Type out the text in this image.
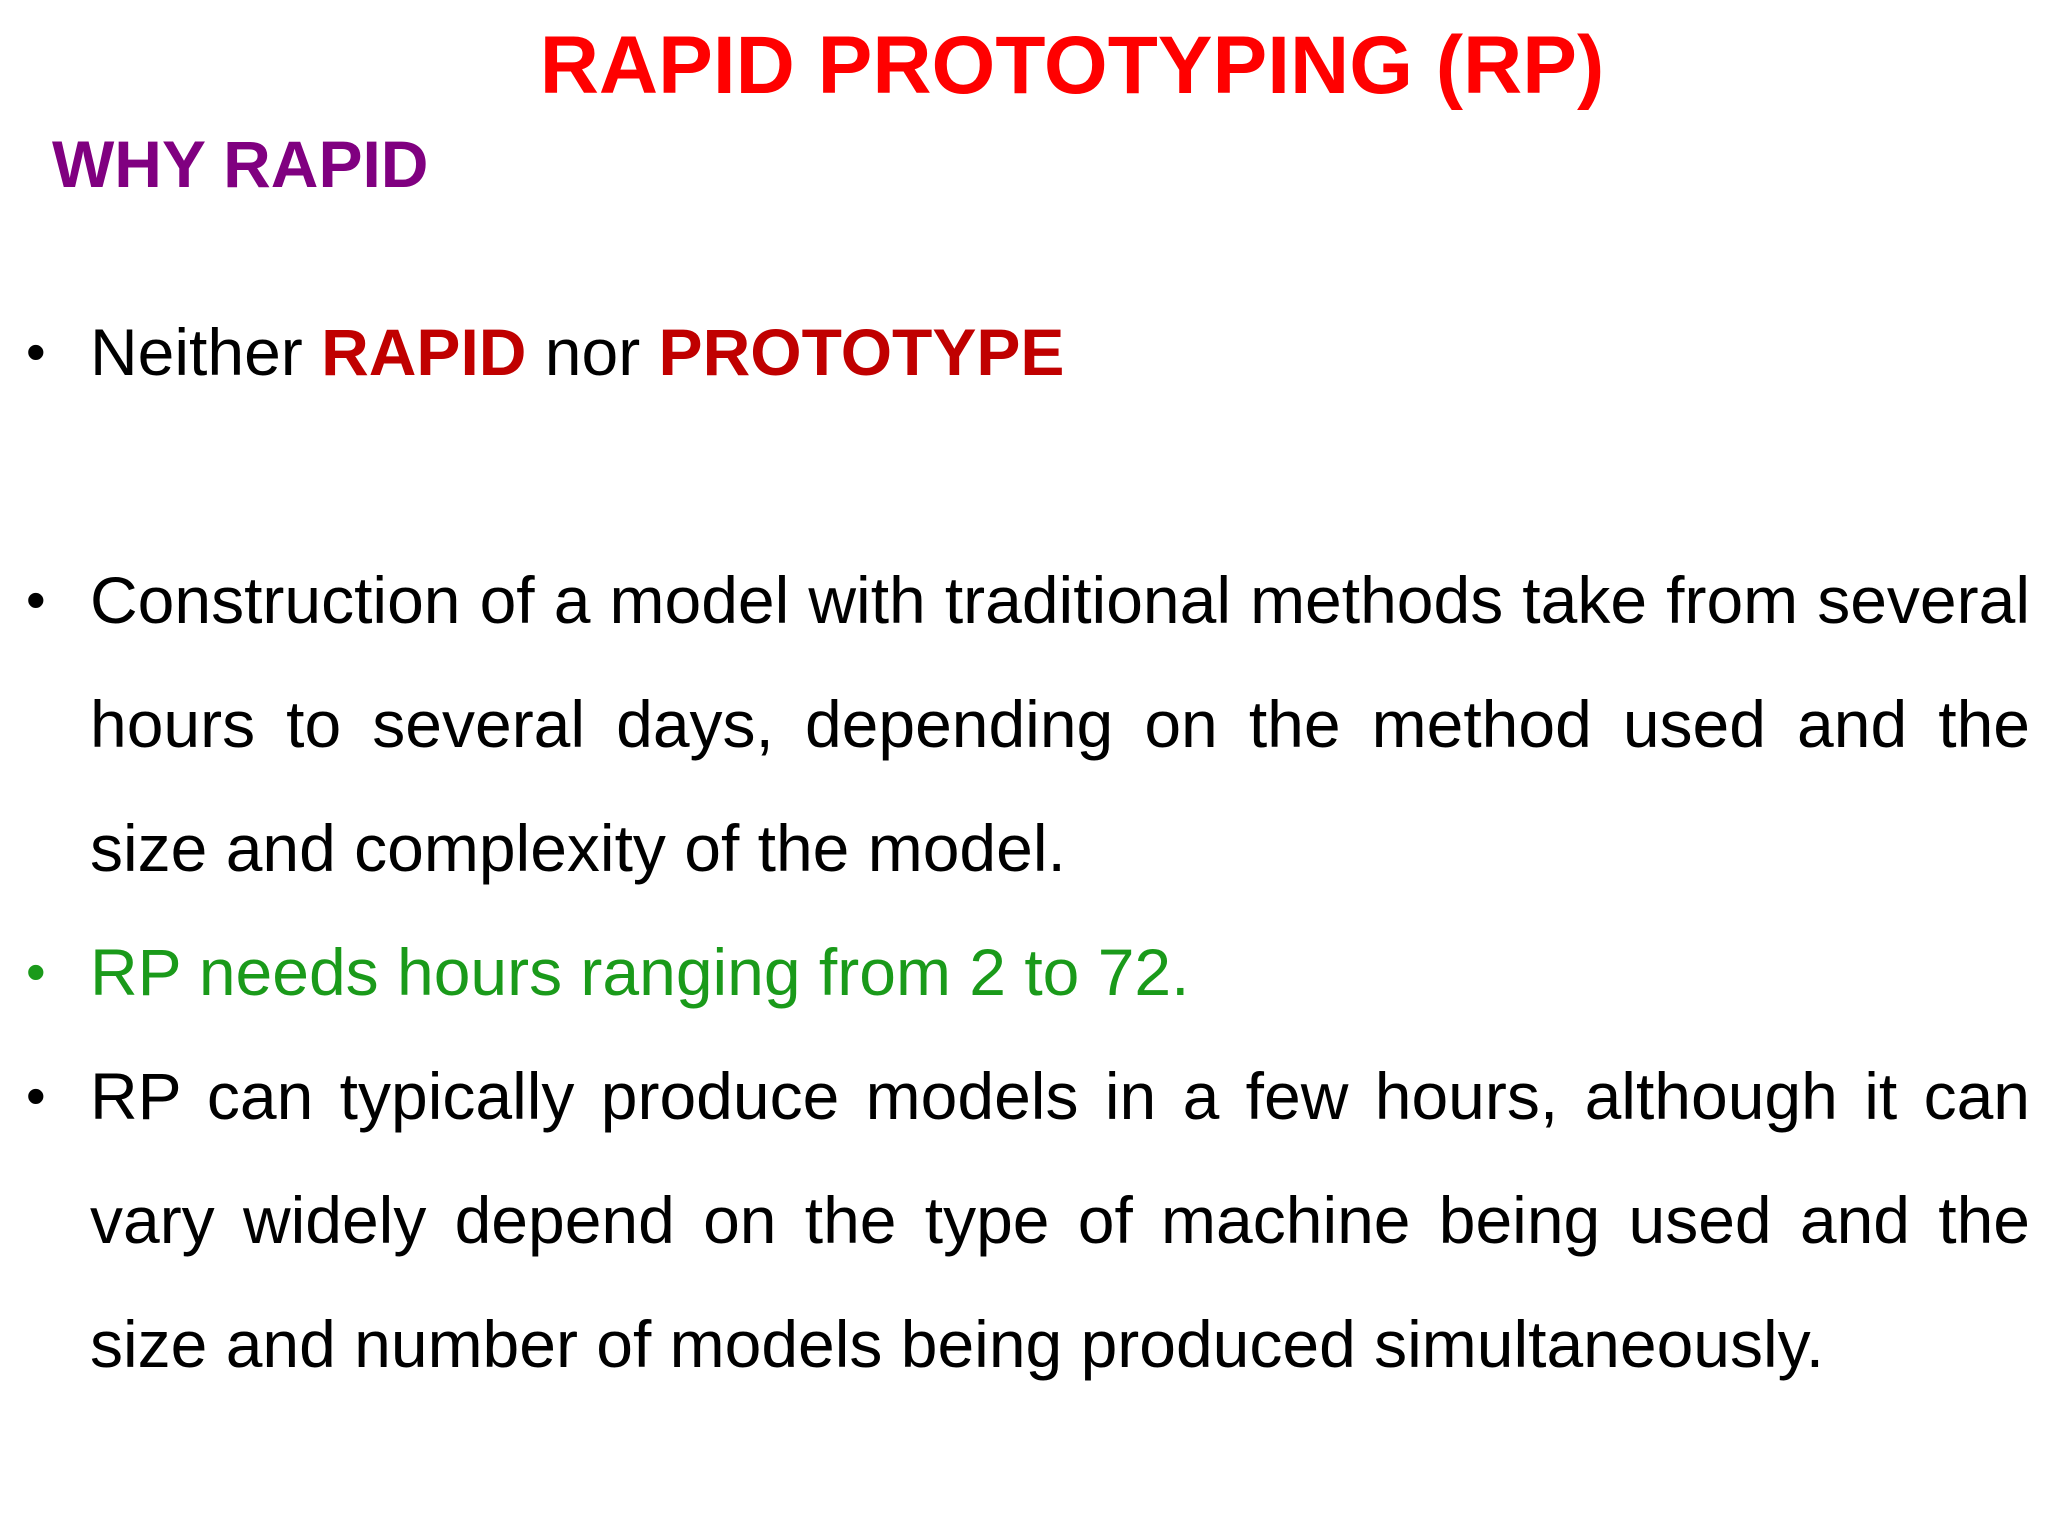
RAPID PROTOTYPING (RP)
WHY RAPID
• Neither RAPID nor PROTOTYPE

• Construction of a model with traditional methods take from several hours to several days, depending on the method used and the size and complexity of the model.

• RP needs hours ranging from 2 to 72.

• RP can typically produce models in a few hours, although it can vary widely depend on the type of machine being used and the size and number of models being produced simultaneously.
